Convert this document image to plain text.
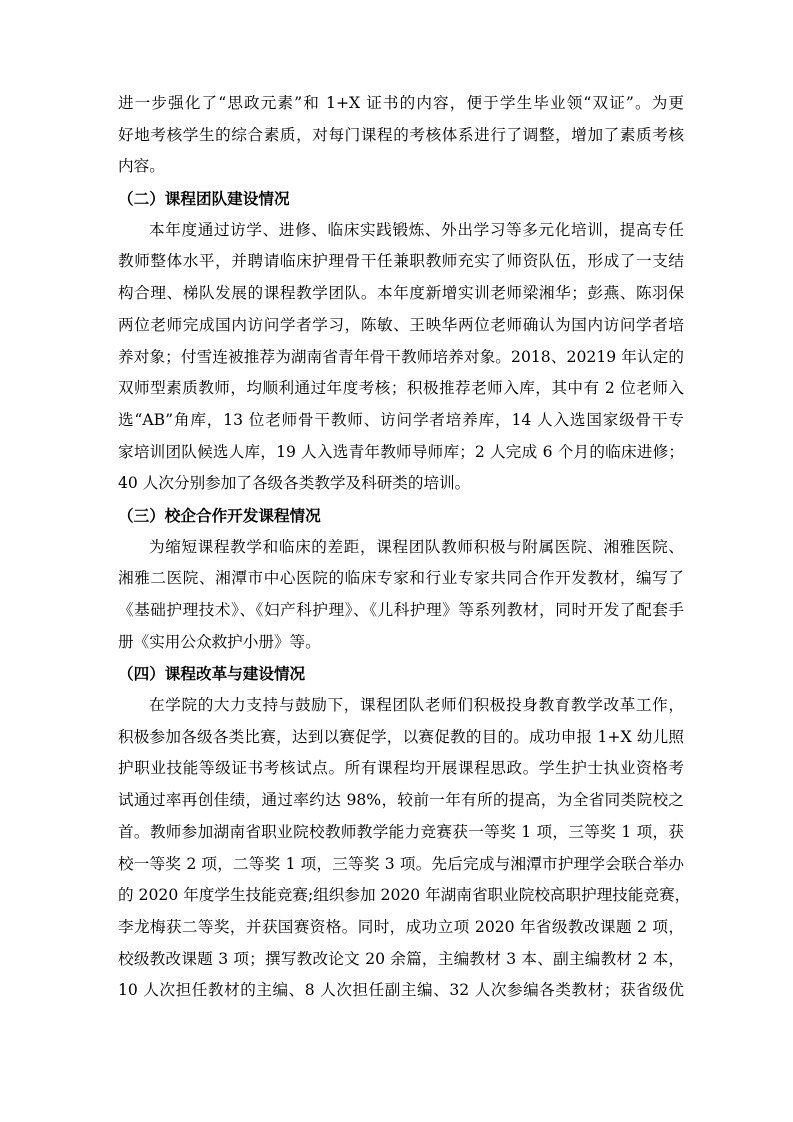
进一步强化了“思政元素”和 1+X 证书的内容，便于学生毕业领“双证”。为更
好地考核学生的综合素质，对每门课程的考核体系进行了调整，增加了素质考核
内容。
（二）课程团队建设情况
本年度通过访学、进修、临床实践锻炼、外出学习等多元化培训，提高专任
教师整体水平，并聘请临床护理骨干任兼职教师充实了师资队伍，形成了一支结
构合理、梯队发展的课程教学团队。本年度新增实训老师梁湘华；彭燕、陈羽保
两位老师完成国内访问学者学习，陈敏、王映华两位老师确认为国内访问学者培
养对象；付雪连被推荐为湖南省青年骨干教师培养对象。2018、20219 年认定的
双师型素质教师，均顺利通过年度考核；积极推荐老师入库，其中有 2 位老师入
选“AB”角库，13 位老师骨干教师、访问学者培养库，14 人入选国家级骨干专
家培训团队候选人库，19 人入选青年教师导师库；2 人完成 6 个月的临床进修；
40 人次分别参加了各级各类教学及科研类的培训。
（三）校企合作开发课程情况
为缩短课程教学和临床的差距，课程团队教师积极与附属医院、湘雅医院、
湘雅二医院、湘潭市中心医院的临床专家和行业专家共同合作开发教材，编写了
《基础护理技术》、《妇产科护理》、《儿科护理》等系列教材，同时开发了配套手
册《实用公众救护小册》等。
（四）课程改革与建设情况
在学院的大力支持与鼓励下，课程团队老师们积极投身教育教学改革工作，
积极参加各级各类比赛，达到以赛促学，以赛促教的目的。成功申报 1+X 幼儿照
护职业技能等级证书考核试点。所有课程均开展课程思政。学生护士执业资格考
试通过率再创佳绩，通过率约达 98%，较前一年有所的提高，为全省同类院校之
首。教师参加湖南省职业院校教师教学能力竞赛获一等奖 1 项，三等奖 1 项，获
校一等奖 2 项，二等奖 1 项，三等奖 3 项。先后完成与湘潭市护理学会联合举办
的 2020 年度学生技能竞赛;组织参加 2020 年湖南省职业院校高职护理技能竞赛，
李龙梅获二等奖，并获国赛资格。同时，成功立项 2020 年省级教改课题 2 项，
校级教改课题 3 项；撰写教改论文 20 余篇，主编教材 3 本、副主编教材 2 本，
10 人次担任教材的主编、8 人次担任副主编、32 人次参编各类教材；获省级优
